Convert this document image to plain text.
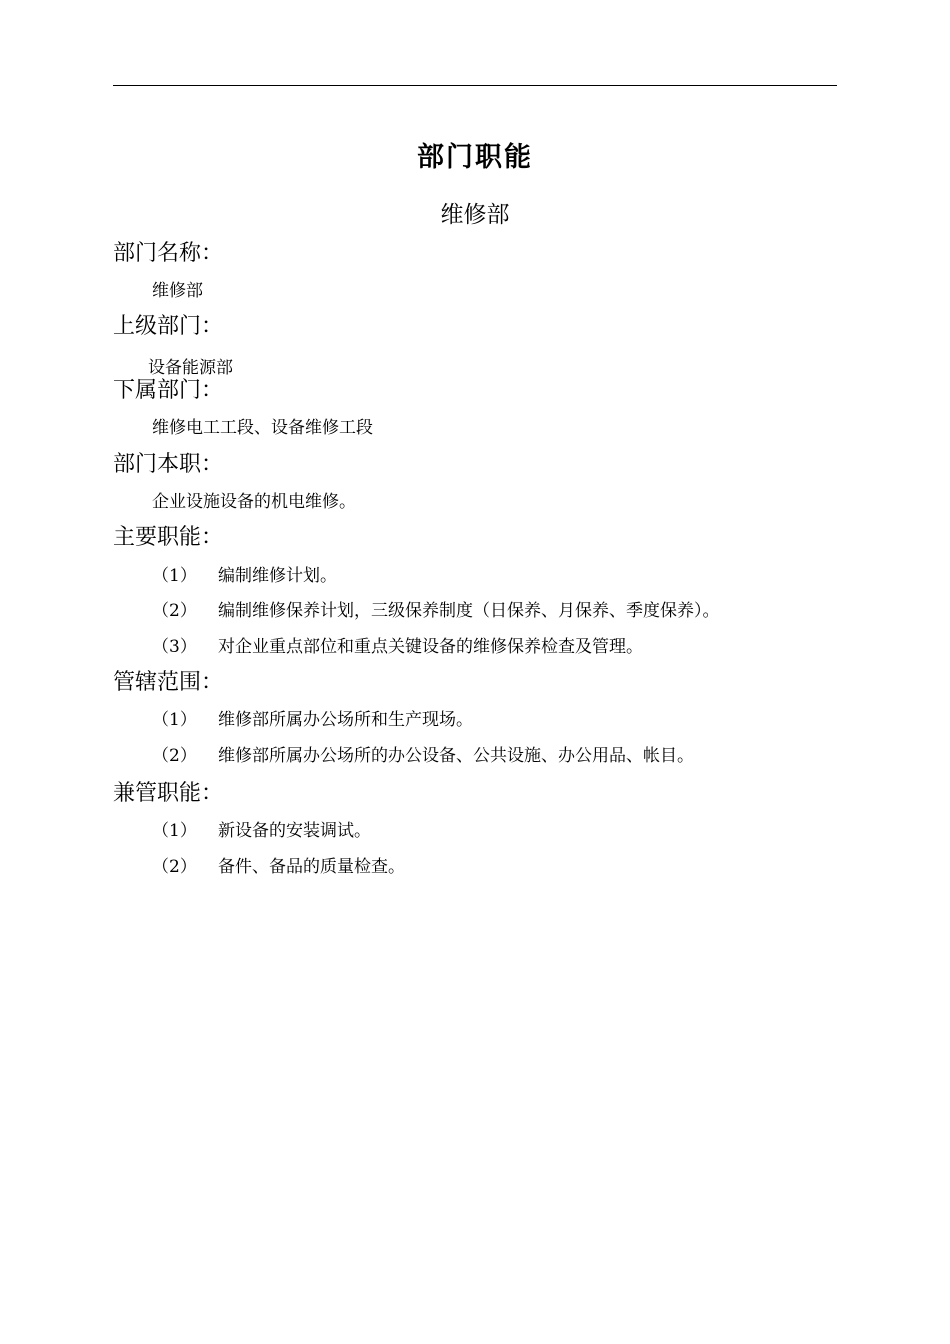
部门职能
维修部
部门名称：
维修部
上级部门：
设备能源部
下属部门：
维修电工工段、设备维修工段
部门本职：
企业设施设备的机电维修。
主要职能：
（1） 编制维修计划。
（2） 编制维修保养计划，三级保养制度（日保养、月保养、季度保养）。
（3） 对企业重点部位和重点关键设备的维修保养检查及管理。
管辖范围：
（1） 维修部所属办公场所和生产现场。
（2） 维修部所属办公场所的办公设备、公共设施、办公用品、帐目。
兼管职能：
（1） 新设备的安装调试。
（2） 备件、备品的质量检查。
